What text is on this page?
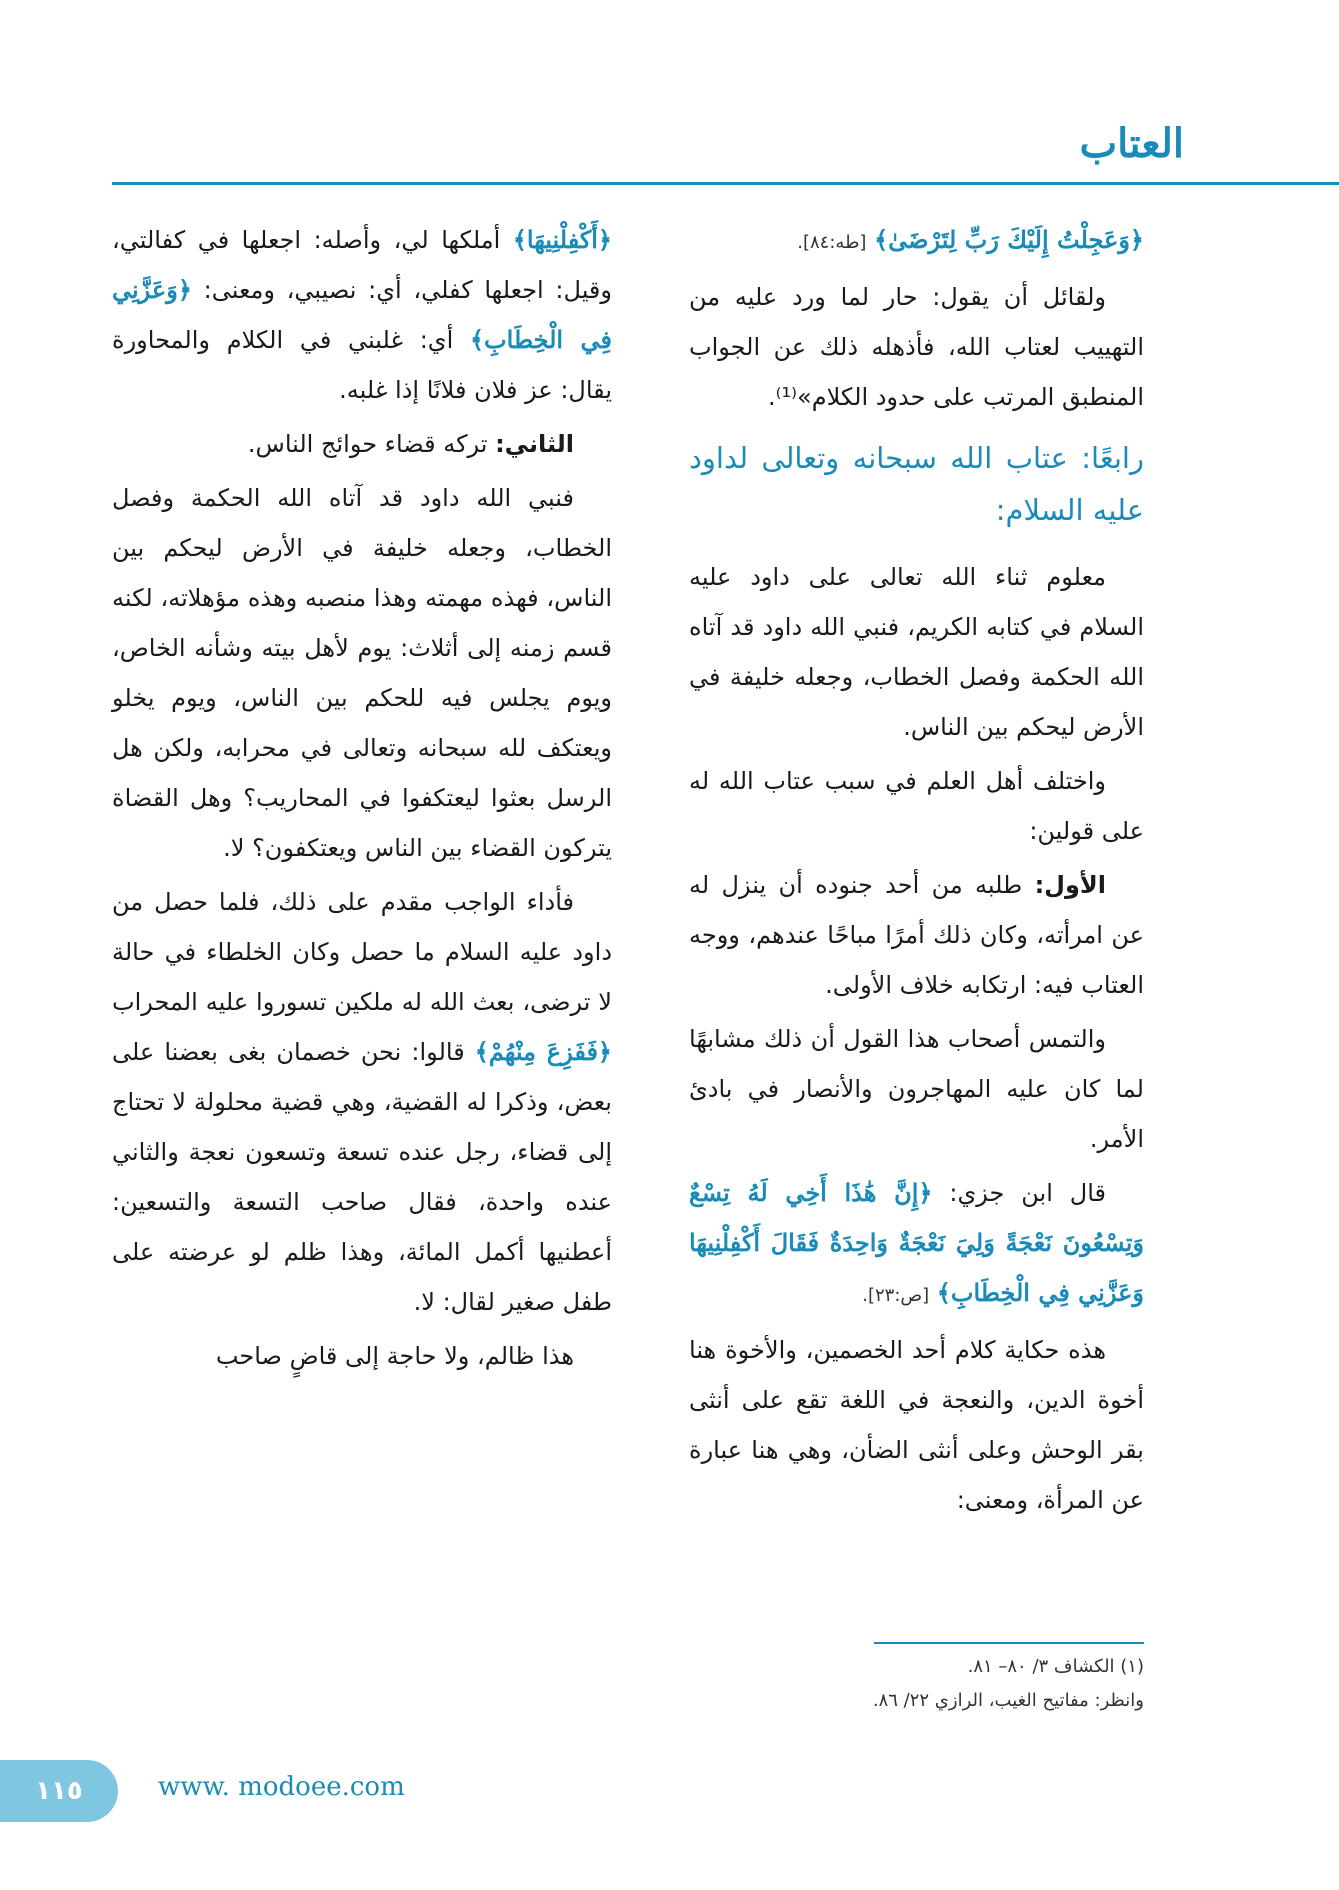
العتاب

﴿وَعَجِلْتُ إِلَيْكَ رَبِّ لِتَرْضَىٰ﴾ [طه:٨٤].

ولقائل أن يقول: حار لما ورد عليه من التهييب لعتاب الله، فأذهله ذلك عن الجواب المنطبق المرتب على حدود الكلام»⁽¹⁾.

رابعًا: عتاب الله سبحانه وتعالى لداود عليه السلام:

معلوم ثناء الله تعالى على داود عليه السلام في كتابه الكريم، فنبي الله داود قد آتاه الله الحكمة وفصل الخطاب، وجعله خليفة في الأرض ليحكم بين الناس.

واختلف أهل العلم في سبب عتاب الله له على قولين:

الأول: طلبه من أحد جنوده أن ينزل له عن امرأته، وكان ذلك أمرًا مباحًا عندهم، ووجه العتاب فيه: ارتكابه خلاف الأولى.

والتمس أصحاب هذا القول أن ذلك مشابهًا لما كان عليه المهاجرون والأنصار في بادئ الأمر.

قال ابن جزي: ﴿إِنَّ هَٰذَا أَخِي لَهُ تِسْعٌ وَتِسْعُونَ نَعْجَةً وَلِيَ نَعْجَةٌ وَاحِدَةٌ فَقَالَ أَكْفِلْنِيهَا وَعَزَّنِي فِي الْخِطَابِ﴾ [ص:٢٣].

هذه حكاية كلام أحد الخصمين، والأخوة هنا أخوة الدين، والنعجة في اللغة تقع على أنثى بقر الوحش وعلى أنثى الضأن، وهي هنا عبارة عن المرأة، ومعنى:

(١) الكشاف ٣/ ٨٠– ٨١.

وانظر: مفاتيح الغيب، الرازي ٢٢/ ٨٦.

﴿أَكْفِلْنِيهَا﴾ أملكها لي، وأصله: اجعلها في كفالتي، وقيل: اجعلها كفلي، أي: نصيبي، ومعنى: ﴿وَعَزَّنِي فِي الْخِطَابِ﴾ أي: غلبني في الكلام والمحاورة يقال: عز فلان فلانًا إذا غلبه.

الثاني: تركه قضاء حوائج الناس.

فنبي الله داود قد آتاه الله الحكمة وفصل الخطاب، وجعله خليفة في الأرض ليحكم بين الناس، فهذه مهمته وهذا منصبه وهذه مؤهلاته، لكنه قسم زمنه إلى أثلاث: يوم لأهل بيته وشأنه الخاص، ويوم يجلس فيه للحكم بين الناس، ويوم يخلو ويعتكف لله سبحانه وتعالى في محرابه، ولكن هل الرسل بعثوا ليعتكفوا في المحاريب؟ وهل القضاة يتركون القضاء بين الناس ويعتكفون؟ لا.

فأداء الواجب مقدم على ذلك، فلما حصل من داود عليه السلام ما حصل وكان الخلطاء في حالة لا ترضى، بعث الله له ملكين تسوروا عليه المحراب ﴿فَفَزِعَ مِنْهُمْ﴾ قالوا: نحن خصمان بغى بعضنا على بعض، وذكرا له القضية، وهي قضية محلولة لا تحتاج إلى قضاء، رجل عنده تسعة وتسعون نعجة والثاني عنده واحدة، فقال صاحب التسعة والتسعين: أعطنيها أكمل المائة، وهذا ظلم لو عرضته على طفل صغير لقال: لا.

هذا ظالم، ولا حاجة إلى قاضٍ صاحب

١١٥	www. modoee.com
